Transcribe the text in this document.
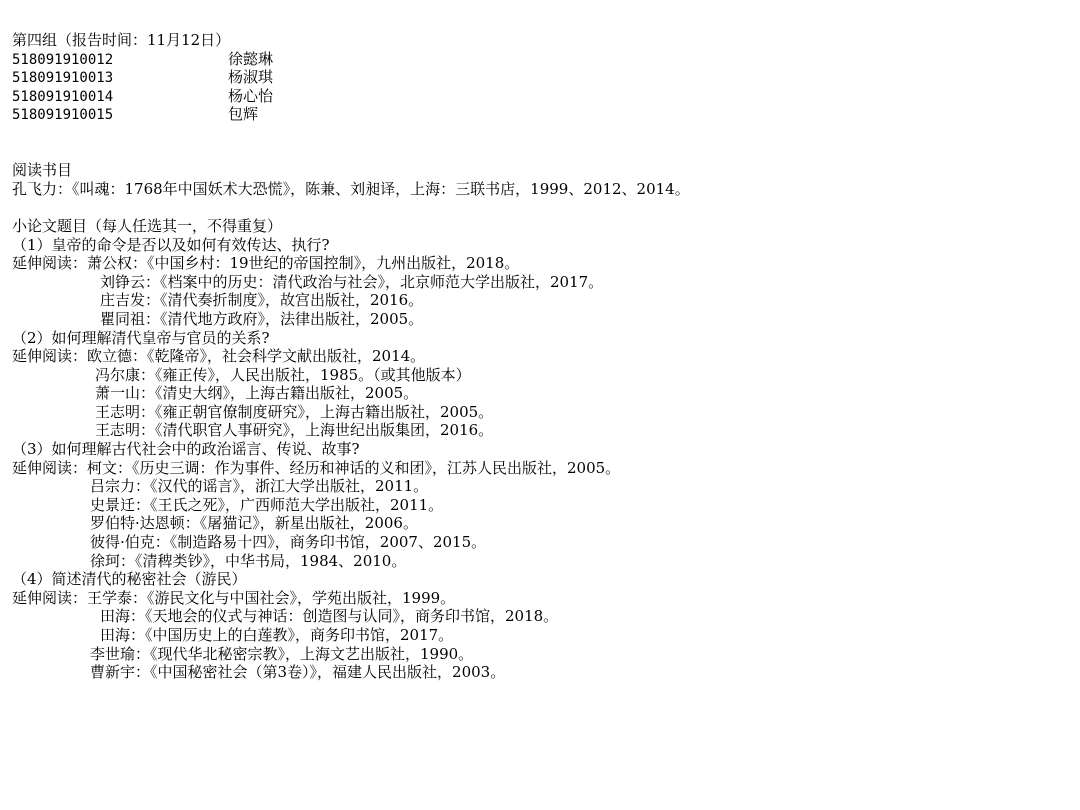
第四组（报告时间：11月12日）
518091910012	徐懿琳
518091910013	杨淑琪
518091910014	杨心怡
518091910015	包辉
阅读书目
孔飞力：《叫魂：1768年中国妖术大恐慌》，陈兼、刘昶译，上海：三联书店，1999、2012、2014。
小论文题目（每人任选其一，不得重复）
（1）皇帝的命令是否以及如何有效传达、执行?
延伸阅读：萧公权：《中国乡村：19世纪的帝国控制》，九州出版社，2018。
刘铮云：《档案中的历史：清代政治与社会》，北京师范大学出版社，2017。
庄吉发：《清代奏折制度》，故宫出版社，2016。
瞿同祖：《清代地方政府》，法律出版社，2005。
（2）如何理解清代皇帝与官员的关系?
延伸阅读：欧立德：《乾隆帝》，社会科学文献出版社，2014。
冯尔康：《雍正传》，人民出版社，1985。（或其他版本）
萧一山：《清史大纲》，上海古籍出版社，2005。
王志明：《雍正朝官僚制度研究》，上海古籍出版社，2005。
王志明：《清代职官人事研究》，上海世纪出版集团，2016。
（3）如何理解古代社会中的政治谣言、传说、故事?
延伸阅读：柯文：《历史三调：作为事件、经历和神话的义和团》，江苏人民出版社，2005。
吕宗力：《汉代的谣言》，浙江大学出版社，2011。
史景迁：《王氏之死》，广西师范大学出版社，2011。
罗伯特·达恩顿：《屠猫记》，新星出版社，2006。
彼得·伯克：《制造路易十四》，商务印书馆，2007、2015。
徐珂：《清稗类钞》，中华书局，1984、2010。
（4）简述清代的秘密社会（游民）
延伸阅读：王学泰：《游民文化与中国社会》，学苑出版社，1999。
田海：《天地会的仪式与神话：创造图与认同》，商务印书馆，2018。
田海：《中国历史上的白莲教》，商务印书馆，2017。
李世瑜：《现代华北秘密宗教》，上海文艺出版社，1990。
曹新宇：《中国秘密社会（第3卷）》，福建人民出版社，2003。
